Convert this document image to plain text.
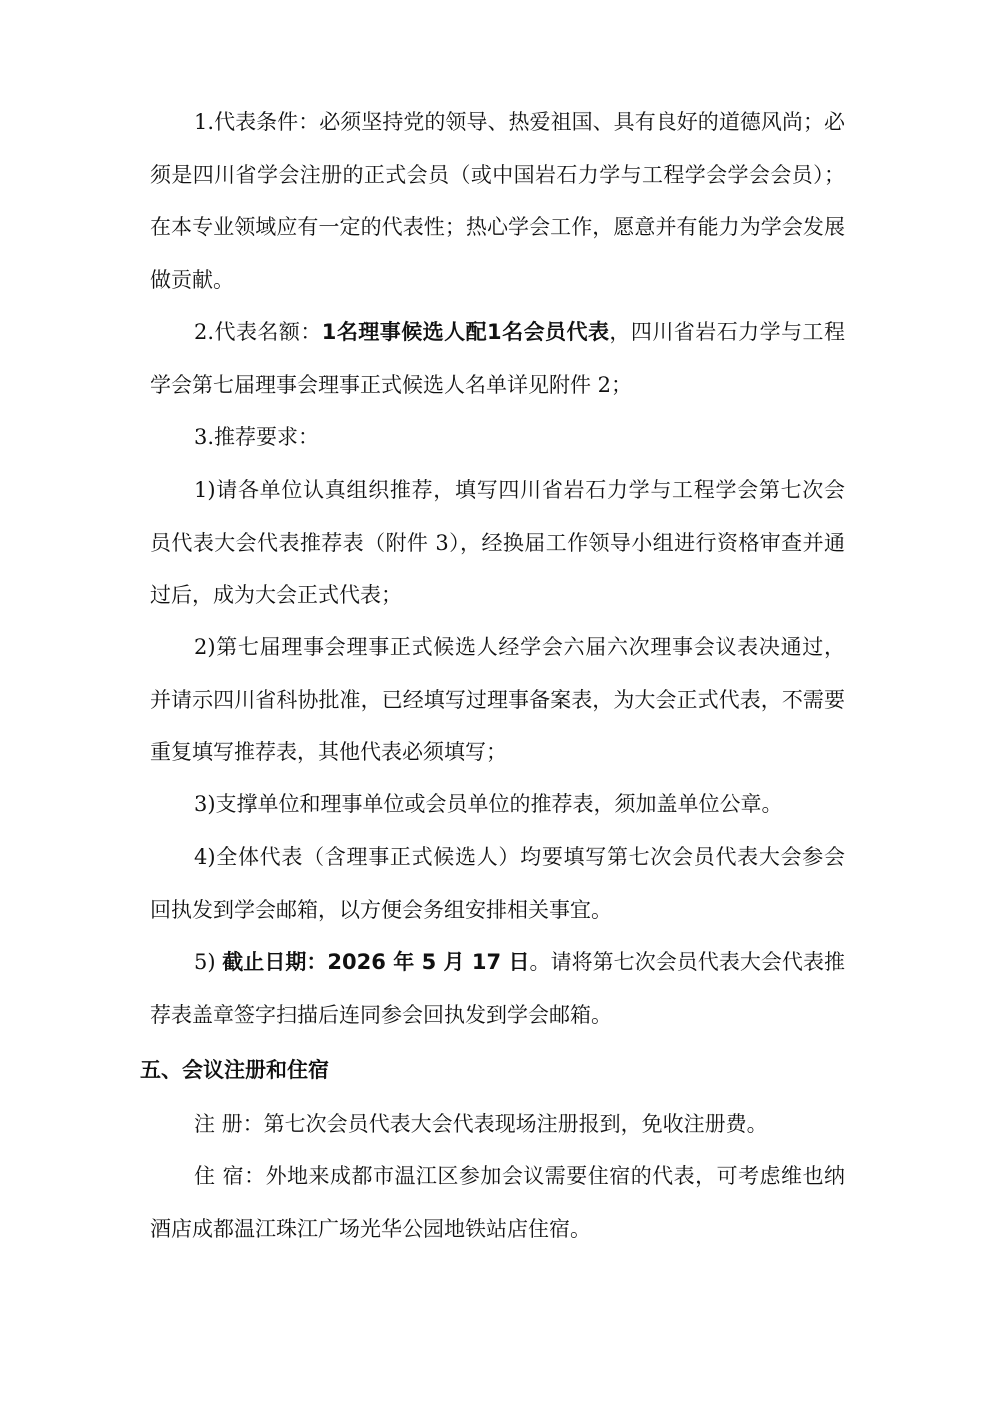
1.代表条件：必须坚持党的领导、热爱祖国、具有良好的道德风尚；必须是四川省学会注册的正式会员（或中国岩石力学与工程学会学会会员）；在本专业领域应有一定的代表性；热心学会工作，愿意并有能力为学会发展做贡献。

2.代表名额：1名理事候选人配1名会员代表，四川省岩石力学与工程学会第七届理事会理事正式候选人名单详见附件 2；

3.推荐要求：

1)请各单位认真组织推荐，填写四川省岩石力学与工程学会第七次会员代表大会代表推荐表（附件 3），经换届工作领导小组进行资格审查并通过后，成为大会正式代表；

2)第七届理事会理事正式候选人经学会六届六次理事会议表决通过，并请示四川省科协批准，已经填写过理事备案表，为大会正式代表，不需要重复填写推荐表，其他代表必须填写；

3)支撑单位和理事单位或会员单位的推荐表，须加盖单位公章。

4)全体代表（含理事正式候选人）均要填写第七次会员代表大会参会回执发到学会邮箱，以方便会务组安排相关事宜。

5) 截止日期：2026 年 5 月 17 日。请将第七次会员代表大会代表推荐表盖章签字扫描后连同参会回执发到学会邮箱。

五、会议注册和住宿

注 册：第七次会员代表大会代表现场注册报到，免收注册费。

住 宿：外地来成都市温江区参加会议需要住宿的代表，可考虑维也纳酒店成都温江珠江广场光华公园地铁站店住宿。
